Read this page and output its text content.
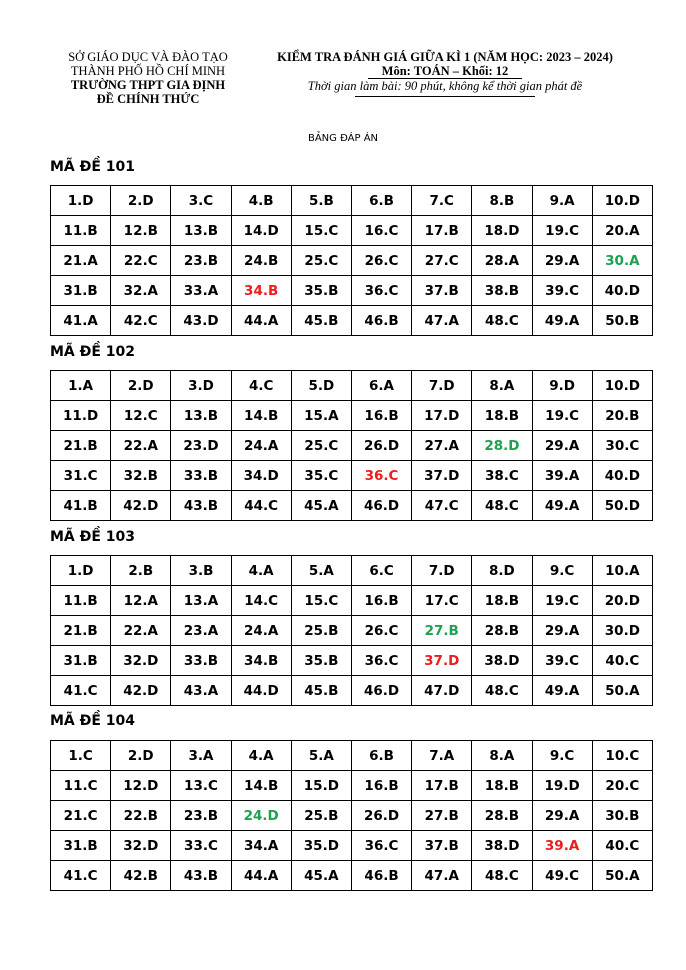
SỞ GIÁO DỤC VÀ ĐÀO TẠO
THÀNH PHỐ HỒ CHÍ MINH
TRƯỜNG THPT GIA ĐỊNH
ĐỀ CHÍNH THỨC
KIỂM TRA ĐÁNH GIÁ GIỮA KÌ 1 (NĂM HỌC: 2023 – 2024)
Môn: TOÁN – Khối: 12
Thời gian làm bài: 90 phút, không kể thời gian phát đề
BẢNG ĐÁP ÁN
MÃ ĐỀ 101
1.D	2.D	3.C	4.B	5.B	6.B	7.C	8.B	9.A	10.D
11.B	12.B	13.B	14.D	15.C	16.C	17.B	18.D	19.C	20.A
21.A	22.C	23.B	24.B	25.C	26.C	27.C	28.A	29.A	30.A
31.B	32.A	33.A	34.B	35.B	36.C	37.B	38.B	39.C	40.D
41.A	42.C	43.D	44.A	45.B	46.B	47.A	48.C	49.A	50.B
MÃ ĐỀ 102
1.A	2.D	3.D	4.C	5.D	6.A	7.D	8.A	9.D	10.D
11.D	12.C	13.B	14.B	15.A	16.B	17.D	18.B	19.C	20.B
21.B	22.A	23.D	24.A	25.C	26.D	27.A	28.D	29.A	30.C
31.C	32.B	33.B	34.D	35.C	36.C	37.D	38.C	39.A	40.D
41.B	42.D	43.B	44.C	45.A	46.D	47.C	48.C	49.A	50.D
MÃ ĐỀ 103
1.D	2.B	3.B	4.A	5.A	6.C	7.D	8.D	9.C	10.A
11.B	12.A	13.A	14.C	15.C	16.B	17.C	18.B	19.C	20.D
21.B	22.A	23.A	24.A	25.B	26.C	27.B	28.B	29.A	30.D
31.B	32.D	33.B	34.B	35.B	36.C	37.D	38.D	39.C	40.C
41.C	42.D	43.A	44.D	45.B	46.D	47.D	48.C	49.A	50.A
MÃ ĐỀ 104
1.C	2.D	3.A	4.A	5.A	6.B	7.A	8.A	9.C	10.C
11.C	12.D	13.C	14.B	15.D	16.B	17.B	18.B	19.D	20.C
21.C	22.B	23.B	24.D	25.B	26.D	27.B	28.B	29.A	30.B
31.B	32.D	33.C	34.A	35.D	36.C	37.B	38.D	39.A	40.C
41.C	42.B	43.B	44.A	45.A	46.B	47.A	48.C	49.C	50.A
